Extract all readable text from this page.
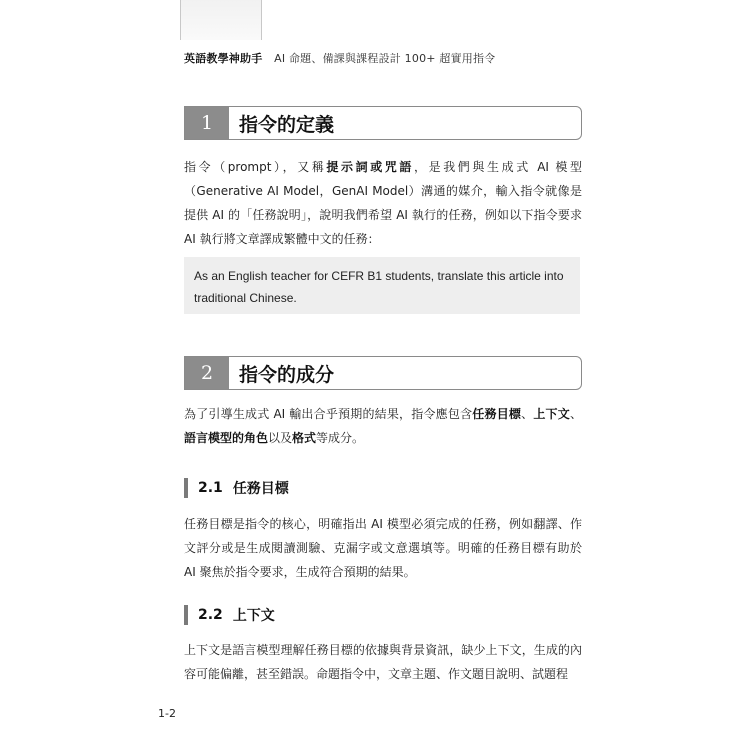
英語教學神助手 AI 命題、備課與課程設計 100+ 超實用指令
1	指令的定義

指令（prompt），又稱提示詞或咒語，是我們與生成式 AI 模型（Generative AI Model，GenAI Model）溝通的媒介，輸入指令就像是提供 AI 的「任務說明」，說明我們希望 AI 執行的任務，例如以下指令要求 AI 執行將文章譯成繁體中文的任務：

As an English teacher for CEFR B1 students, translate this article into traditional Chinese.
2	指令的成分

為了引導生成式 AI 輸出合乎預期的結果，指令應包含任務目標、上下文、語言模型的角色以及格式等成分。

2.1 任務目標

任務目標是指令的核心，明確指出 AI 模型必須完成的任務，例如翻譯、作文評分或是生成閱讀測驗、克漏字或文意選填等。明確的任務目標有助於 AI 聚焦於指令要求，生成符合預期的結果。

2.2 上下文

上下文是語言模型理解任務目標的依據與背景資訊，缺少上下文，生成的內容可能偏離，甚至錯誤。命題指令中，文章主題、作文題目說明、試題程

1-2
